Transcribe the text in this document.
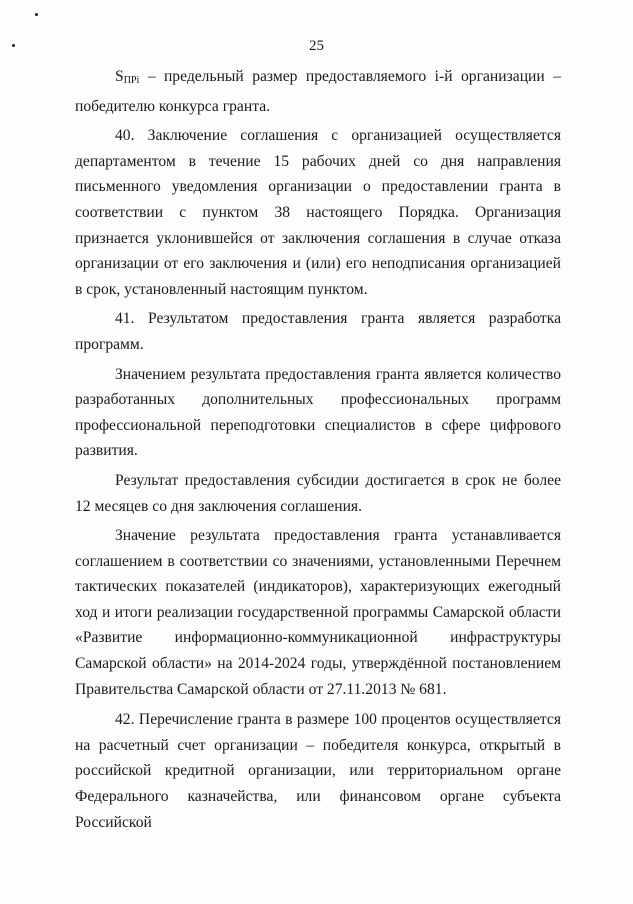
25

$S_{ПРi}$ – предельный размер предоставляемого i-й организации – победителю конкурса гранта.

40. Заключение соглашения с организацией осуществляется департаментом в течение 15 рабочих дней со дня направления письменного уведомления организации о предоставлении гранта в соответствии с пунктом 38 настоящего Порядка. Организация признается уклонившейся от заключения соглашения в случае отказа организации от его заключения и (или) его неподписания организацией в срок, установленный настоящим пунктом.

41. Результатом предоставления гранта является разработка программ.

Значением результата предоставления гранта является количество разработанных дополнительных профессиональных программ профессиональной переподготовки специалистов в сфере цифрового развития.

Результат предоставления субсидии достигается в срок не более 12 месяцев со дня заключения соглашения.

Значение результата предоставления гранта устанавливается соглашением в соответствии со значениями, установленными Перечнем тактических показателей (индикаторов), характеризующих ежегодный ход и итоги реализации государственной программы Самарской области «Развитие информационно-коммуникационной инфраструктуры Самарской области» на 2014-2024 годы, утверждённой постановлением Правительства Самарской области от 27.11.2013 № 681.

42. Перечисление гранта в размере 100 процентов осуществляется на расчетный счет организации – победителя конкурса, открытый в российской кредитной организации, или территориальном органе Федерального казначейства, или финансовом органе субъекта Российской
